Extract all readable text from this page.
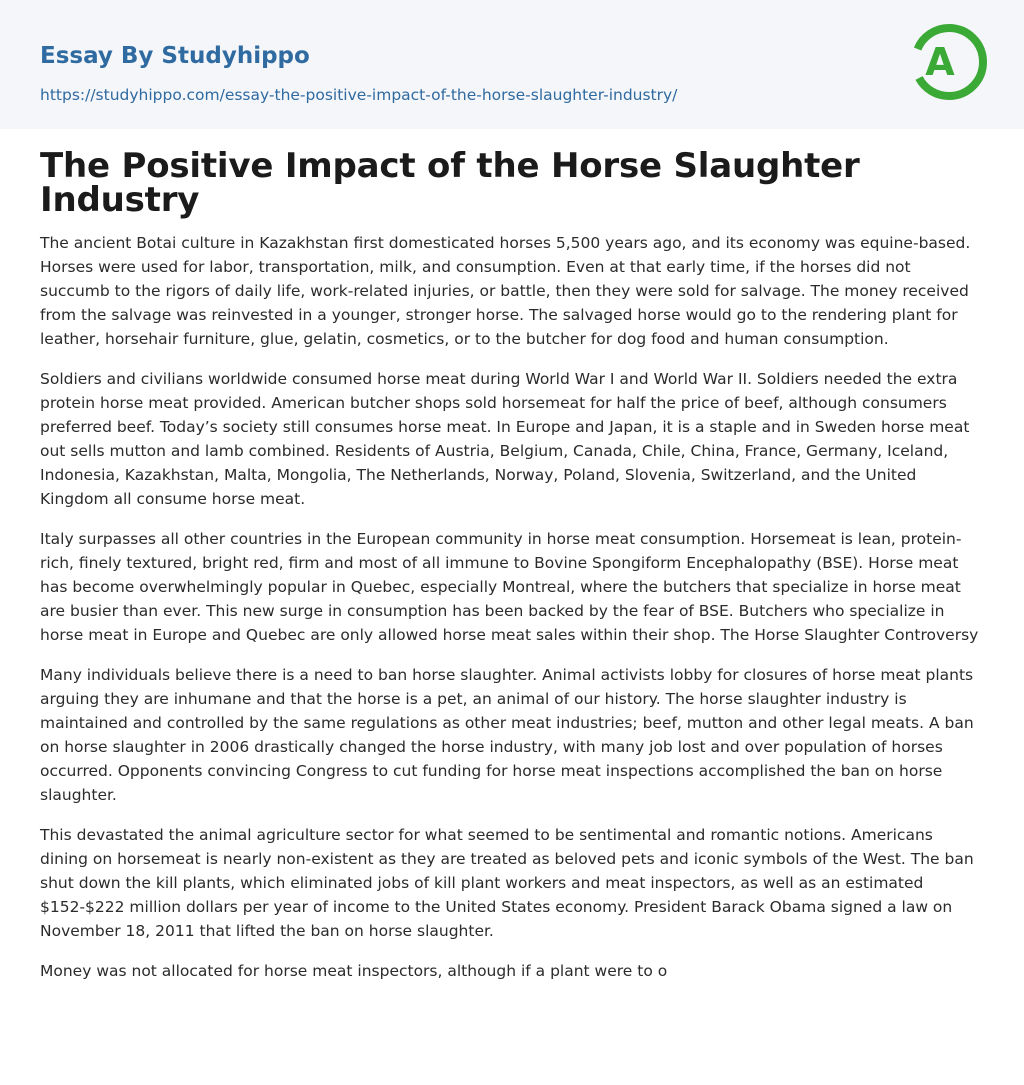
Essay By Studyhippo
https://studyhippo.com/essay-the-positive-impact-of-the-horse-slaughter-industry/
A
The Positive Impact of the Horse Slaughter Industry

The ancient Botai culture in Kazakhstan first domesticated horses 5,500 years ago, and its economy was equine-based. Horses were used for labor, transportation, milk, and consumption. Even at that early time, if the horses did not succumb to the rigors of daily life, work-related injuries, or battle, then they were sold for salvage. The money received from the salvage was reinvested in a younger, stronger horse. The salvaged horse would go to the rendering plant for leather, horsehair furniture, glue, gelatin, cosmetics, or to the butcher for dog food and human consumption.

Soldiers and civilians worldwide consumed horse meat during World War I and World War II. Soldiers needed the extra protein horse meat provided. American butcher shops sold horsemeat for half the price of beef, although consumers preferred beef. Today’s society still consumes horse meat. In Europe and Japan, it is a staple and in Sweden horse meat out sells mutton and lamb combined. Residents of Austria, Belgium, Canada, Chile, China, France, Germany, Iceland, Indonesia, Kazakhstan, Malta, Mongolia, The Netherlands, Norway, Poland, Slovenia, Switzerland, and the United Kingdom all consume horse meat.

Italy surpasses all other countries in the European community in horse meat consumption. Horsemeat is lean, protein-rich, finely textured, bright red, firm and most of all immune to Bovine Spongiform Encephalopathy (BSE). Horse meat has become overwhelmingly popular in Quebec, especially Montreal, where the butchers that specialize in horse meat are busier than ever. This new surge in consumption has been backed by the fear of BSE. Butchers who specialize in horse meat in Europe and Quebec are only allowed horse meat sales within their shop. The Horse Slaughter Controversy

Many individuals believe there is a need to ban horse slaughter. Animal activists lobby for closures of horse meat plants arguing they are inhumane and that the horse is a pet, an animal of our history. The horse slaughter industry is maintained and controlled by the same regulations as other meat industries; beef, mutton and other legal meats. A ban on horse slaughter in 2006 drastically changed the horse industry, with many job lost and over population of horses occurred. Opponents convincing Congress to cut funding for horse meat inspections accomplished the ban on horse slaughter.

This devastated the animal agriculture sector for what seemed to be sentimental and romantic notions. Americans dining on horsemeat is nearly non-existent as they are treated as beloved pets and iconic symbols of the West. The ban shut down the kill plants, which eliminated jobs of kill plant workers and meat inspectors, as well as an estimated $152-$222 million dollars per year of income to the United States economy. President Barack Obama signed a law on November 18, 2011 that lifted the ban on horse slaughter.

Money was not allocated for horse meat inspectors, although if a plant were to o
